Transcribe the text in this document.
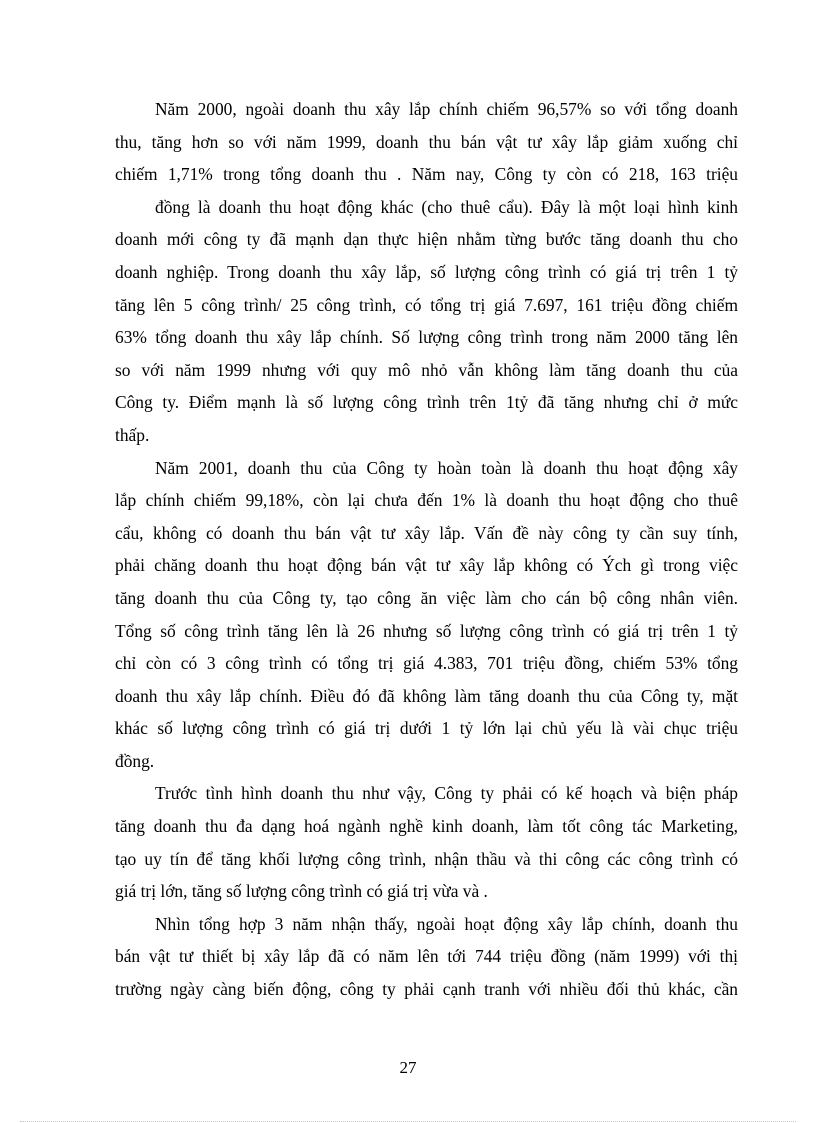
Năm 2000, ngoài doanh thu xây lắp chính chiếm 96,57% so với tổng doanh
thu, tăng hơn so với năm 1999, doanh thu bán vật tư xây lắp giảm xuống chỉ
chiếm 1,71% trong tổng doanh thu . Năm nay, Công ty còn có 218, 163 triệu
đồng là doanh thu hoạt động khác (cho thuê cẩu). Đây là một loại hình kinh
doanh mới công ty đã mạnh dạn thực hiện nhằm từng bước tăng doanh thu cho
doanh nghiệp. Trong doanh thu xây lắp, số lượng công trình có giá trị trên 1 tỷ
tăng lên 5 công trình/ 25 công trình, có tổng trị giá 7.697, 161 triệu đồng chiếm
63% tổng doanh thu xây lắp chính. Số lượng công trình trong năm 2000 tăng lên
so với năm 1999 nhưng với quy mô nhỏ vẫn không làm tăng doanh thu của
Công ty. Điểm mạnh là số lượng công trình trên 1tỷ đã tăng nhưng chỉ ở mức
thấp.
Năm 2001, doanh thu của Công ty hoàn toàn là doanh thu hoạt động xây
lắp chính chiếm 99,18%, còn lại chưa đến 1% là doanh thu hoạt động cho thuê
cẩu, không có doanh thu bán vật tư xây lắp. Vấn đề này công ty cần suy tính,
phải chăng doanh thu hoạt động bán vật tư xây lắp không có Ých gì trong việc
tăng doanh thu của Công ty, tạo công ăn việc làm cho cán bộ công nhân viên.
Tổng số công trình tăng lên là 26 nhưng số lượng công trình có giá trị trên 1 tỷ
chỉ còn có 3 công trình có tổng trị giá 4.383, 701 triệu đồng, chiếm 53% tổng
doanh thu xây lắp chính. Điều đó đã không làm tăng doanh thu của Công ty, mặt
khác số lượng công trình có giá trị dưới 1 tỷ lớn lại chủ yếu là vài chục triệu
đồng.
Trước tình hình doanh thu như vậy, Công ty phải có kế hoạch và biện pháp
tăng doanh thu đa dạng hoá ngành nghề kinh doanh, làm tốt công tác Marketing,
tạo uy tín để tăng khối lượng công trình, nhận thầu và thi công các công trình có
giá trị lớn, tăng số lượng công trình có giá trị vừa và .
Nhìn tổng hợp 3 năm nhận thấy, ngoài hoạt động xây lắp chính, doanh thu
bán vật tư thiết bị xây lắp đã có năm lên tới 744 triệu đồng (năm 1999) với thị
trường ngày càng biến động, công ty phải cạnh tranh với nhiều đối thủ khác, cần
27
